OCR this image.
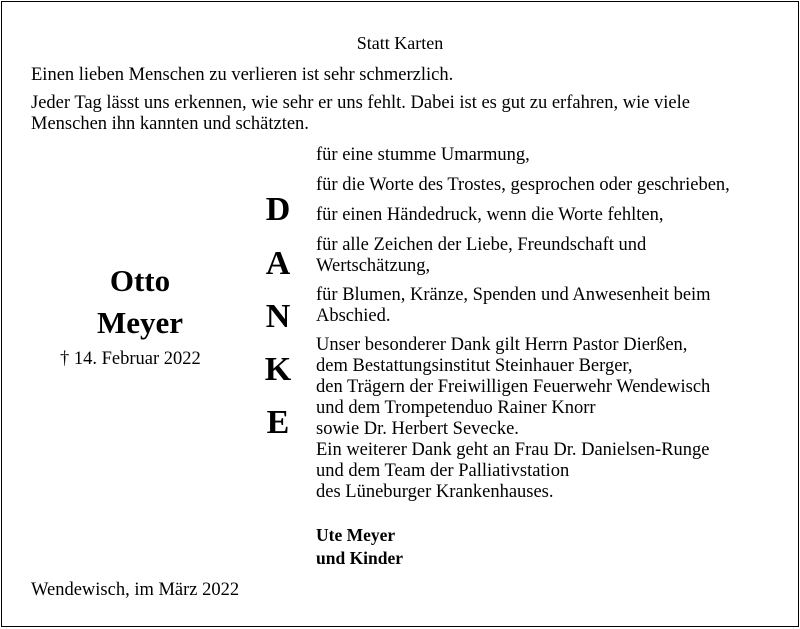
Statt Karten
Einen lieben Menschen zu verlieren ist sehr schmerzlich.
Jeder Tag lässt uns erkennen, wie sehr er uns fehlt. Dabei ist es gut zu erfahren, wie viele
Menschen ihn kannten und schätzten.
Otto
Meyer
† 14. Februar 2022
D
A
N
K
E
für eine stumme Umarmung,
für die Worte des Trostes, gesprochen oder geschrieben,
für einen Händedruck, wenn die Worte fehlten,
für alle Zeichen der Liebe, Freundschaft und
Wertschätzung,
für Blumen, Kränze, Spenden und Anwesenheit beim
Abschied.
Unser besonderer Dank gilt Herrn Pastor Dierßen,
dem Bestattungsinstitut Steinhauer Berger,
den Trägern der Freiwilligen Feuerwehr Wendewisch
und dem Trompetenduo Rainer Knorr
sowie Dr. Herbert Sevecke.
Ein weiterer Dank geht an Frau Dr. Danielsen-Runge
und dem Team der Palliativstation
des Lüneburger Krankenhauses.
Ute Meyer
und Kinder
Wendewisch, im März 2022
